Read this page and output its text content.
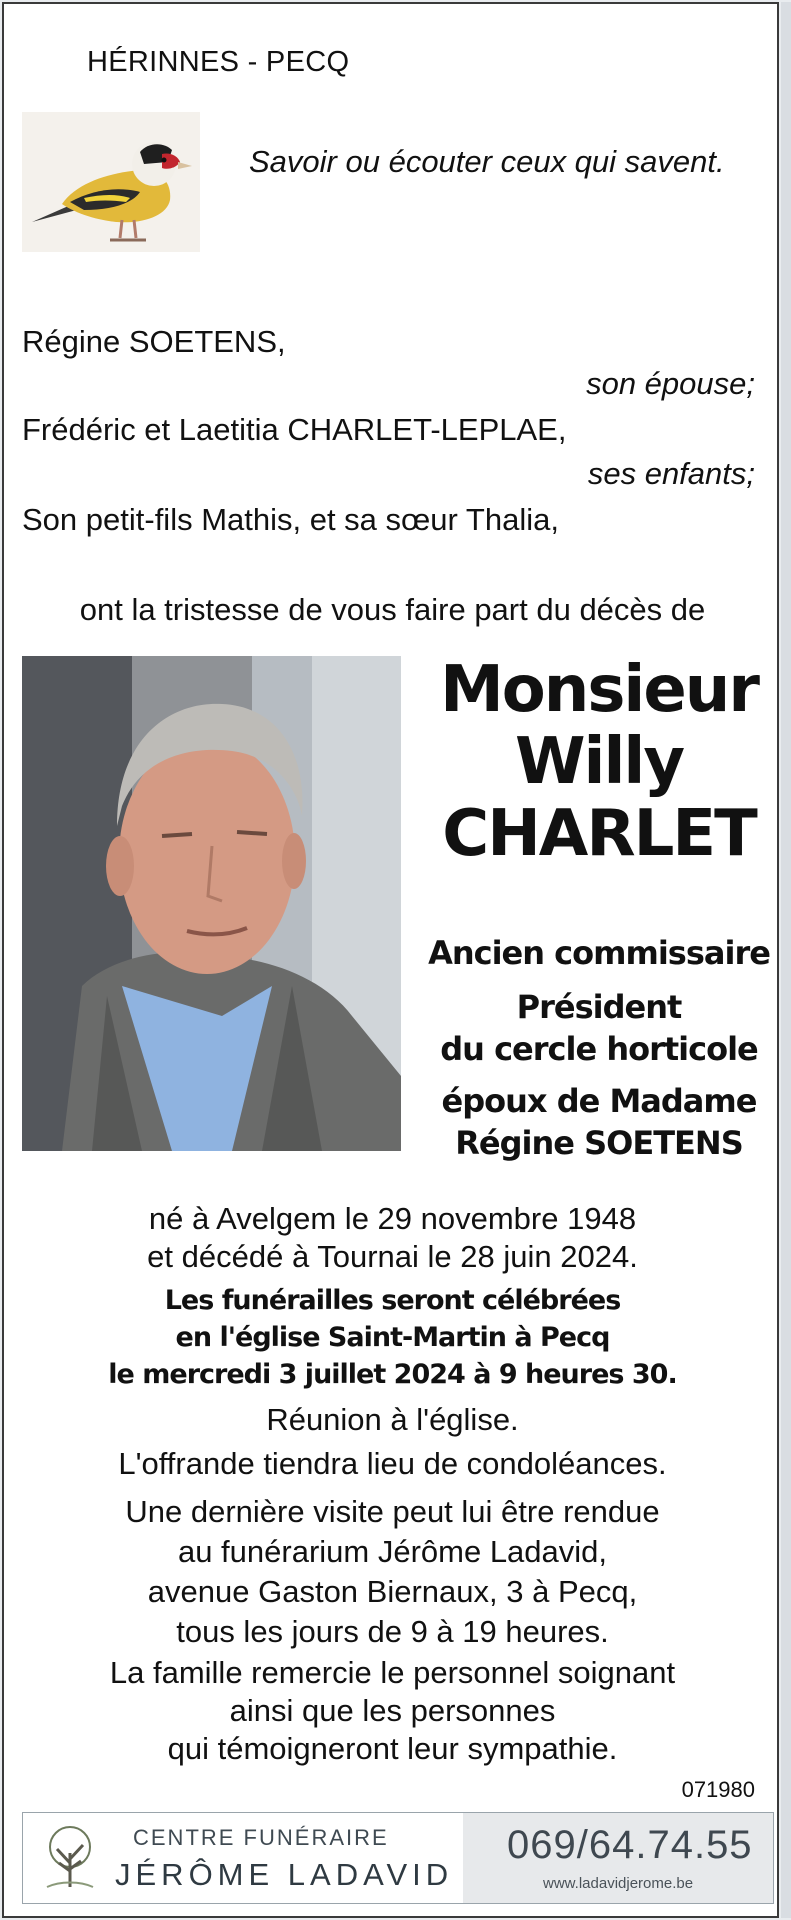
HÉRINNES - PECQ
Savoir ou écouter ceux qui savent.
Régine SOETENS,
son épouse;
Frédéric et Laetitia CHARLET-LEPLAE,
ses enfants;
Son petit-fils Mathis, et sa sœur Thalia,
ont la tristesse de vous faire part du décès de
Monsieur
Willy
CHARLET
Ancien commissaire
Président
du cercle horticole
époux de Madame
Régine SOETENS
né à Avelgem le 29 novembre 1948
et décédé à Tournai le 28 juin 2024.
Les funérailles seront célébrées
en l'église Saint-Martin à Pecq
le mercredi 3 juillet 2024 à 9 heures 30.
Réunion à l'église.
L'offrande tiendra lieu de condoléances.
Une dernière visite peut lui être rendue
au funérarium Jérôme Ladavid,
avenue Gaston Biernaux, 3 à Pecq,
tous les jours de 9 à 19 heures.
La famille remercie le personnel soignant
ainsi que les personnes
qui témoigneront leur sympathie.
071980
CENTRE FUNÉRAIRE
JÉRÔME LADAVID
069/64.74.55
www.ladavidjerome.be
